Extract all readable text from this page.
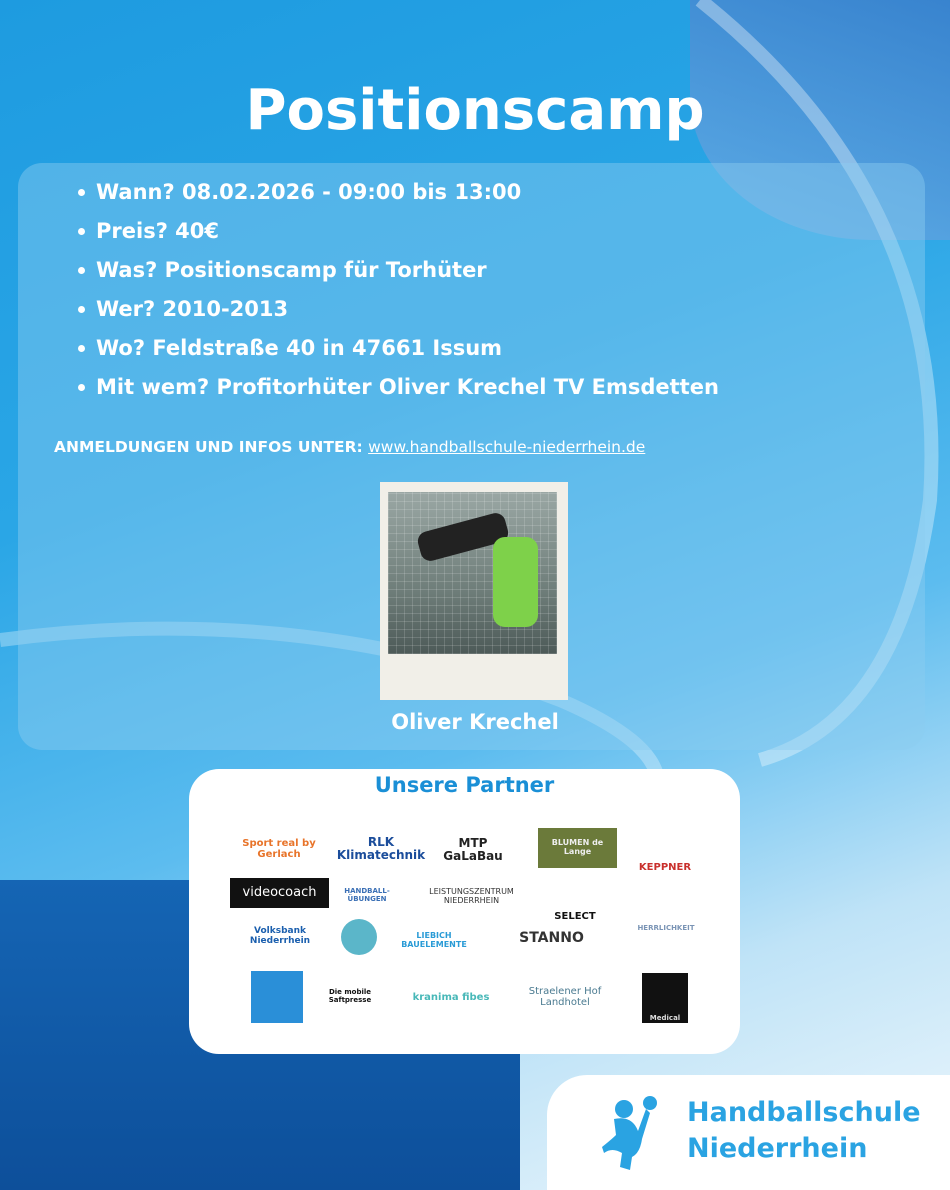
Positionscamp
Wann? 08.02.2026 - 09:00 bis 13:00
Preis? 40€
Was? Positionscamp für Torhüter
Wer? 2010-2013
Wo? Feldstraße 40 in 47661 Issum
Mit wem? Profitorhüter Oliver Krechel TV Emsdetten
ANMELDUNGEN UND INFOS UNTER: www.handballschule-niederrhein.de
Oliver Krechel
Unsere Partner
Sport real by Gerlach
RLK Klimatechnik
MTP GaLaBau
BLUMEN de Lange
KEPPNER
videocoach	HANDBALL-ÜBUNGEN
LEISTUNGSZENTRUM NIEDERRHEIN
SELECT
Volksbank Niederrhein
LIEBICH BAUELEMENTE	STANNO
HERRLICHKEIT
Die mobile Saftpresse	kranima fibes	Straelener Hof Landhotel
Medical
Handballschule
Niederrhein
